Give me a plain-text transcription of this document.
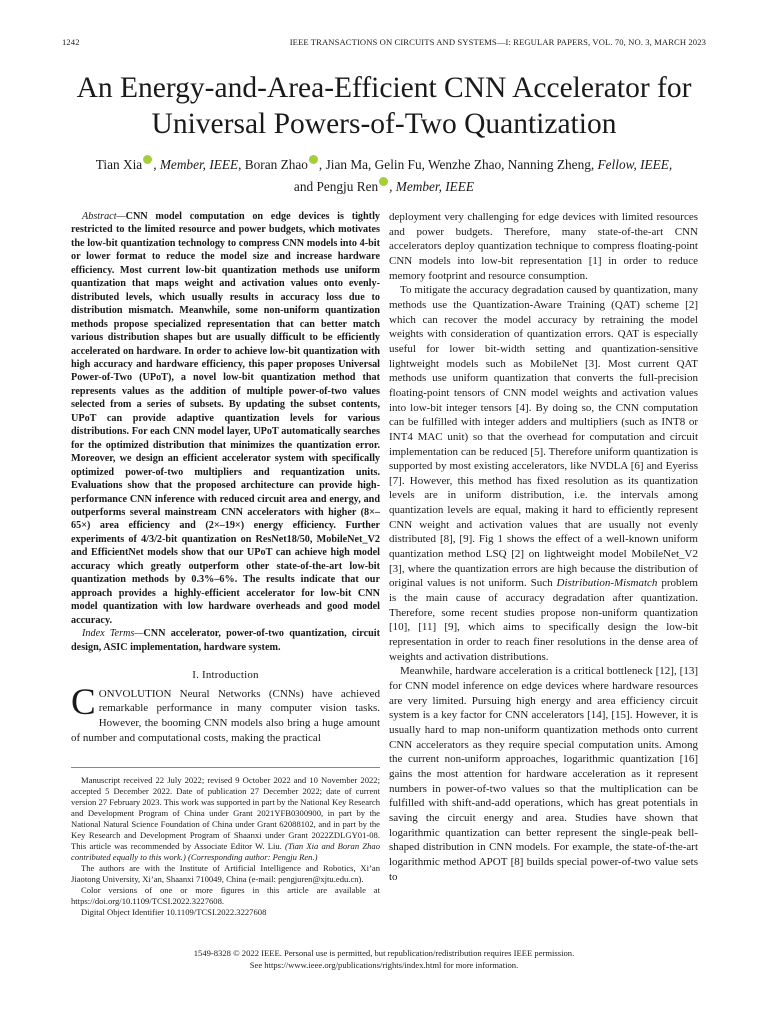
1242	IEEE TRANSACTIONS ON CIRCUITS AND SYSTEMS—I: REGULAR PAPERS, VOL. 70, NO. 3, MARCH 2023
An Energy-and-Area-Efficient CNN Accelerator for Universal Powers-of-Two Quantization
Tian Xia , Member, IEEE, Boran Zhao , Jian Ma, Gelin Fu, Wenzhe Zhao, Nanning Zheng, Fellow, IEEE,
and Pengju Ren , Member, IEEE

Abstract—CNN model computation on edge devices is tightly restricted to the limited resource and power budgets, which motivates the low-bit quantization technology to compress CNN models into 4-bit or lower format to reduce the model size and increase hardware efficiency. Most current low-bit quantization methods use uniform quantization that maps weight and activation values onto evenly-distributed levels, which usually results in accuracy loss due to distribution mismatch. Meanwhile, some non-uniform quantization methods propose specialized representation that can better match various distribution shapes but are usually difficult to be efficiently accelerated on hardware. In order to achieve low-bit quantization with high accuracy and hardware efficiency, this paper proposes Universal Power-of-Two (UPoT), a novel low-bit quantization method that represents values as the addition of multiple power-of-two values selected from a series of subsets. By updating the subset contents, UPoT can provide adaptive quantization levels for various distributions. For each CNN model layer, UPoT automatically searches for the optimized distribution that minimizes the quantization error. Moreover, we design an efficient accelerator system with specifically optimized power-of-two multipliers and requantization units. Evaluations show that the proposed architecture can provide high-performance CNN inference with reduced circuit area and energy, and outperforms several mainstream CNN accelerators with higher (8×–65×) area efficiency and (2×–19×) energy efficiency. Further experiments of 4/3/2-bit quantization on ResNet18/50, MobileNet_V2 and EfficientNet models show that our UPoT can achieve high model accuracy which greatly outperform other state-of-the-art low-bit quantization methods by 0.3%–6%. The results indicate that our approach provides a highly-efficient accelerator for low-bit CNN model quantization with low hardware overheads and good model accuracy.

Index Terms—CNN accelerator, power-of-two quantization, circuit design, ASIC implementation, hardware system.

I. Introduction

CONVOLUTION Neural Networks (CNNs) have achieved remarkable performance in many computer vision tasks. However, the booming CNN models also bring a huge amount of number and computational costs, making the practical

Manuscript received 22 July 2022; revised 9 October 2022 and 10 November 2022; accepted 5 December 2022. Date of publication 27 December 2022; date of current version 27 February 2023. This work was supported in part by the National Key Research and Development Program of China under Grant 2021YFB0300900, in part by the National Natural Science Foundation of China under Grant 62088102, and in part by the Key Research and Development Program of Shaanxi under Grant 2022ZDLGY01-08. This article was recommended by Associate Editor W. Liu. (Tian Xia and Boran Zhao contributed equally to this work.) (Corresponding author: Pengju Ren.)

The authors are with the Institute of Artificial Intelligence and Robotics, Xi’an Jiaotong University, Xi’an, Shaanxi 710049, China (e-mail: pengjuren@xjtu.edu.cn).

Color versions of one or more figures in this article are available at https://doi.org/10.1109/TCSI.2022.3227608.

Digital Object Identifier 10.1109/TCSI.2022.3227608

deployment very challenging for edge devices with limited resources and power budgets. Therefore, many state-of-the-art CNN accelerators deploy quantization technique to compress floating-point CNN models into low-bit representation [1] in order to reduce memory footprint and resource consumption.

To mitigate the accuracy degradation caused by quantization, many methods use the Quantization-Aware Training (QAT) scheme [2] which can recover the model accuracy by retraining the model weights with consideration of quantization errors. QAT is especially useful for lower bit-width setting and quantization-sensitive lightweight models such as MobileNet [3]. Most current QAT methods use uniform quantization that converts the full-precision floating-point tensors of CNN model weights and activation values into low-bit integer tensors [4]. By doing so, the CNN computation can be fulfilled with integer adders and multipliers (such as INT8 or INT4 MAC unit) so that the overhead for computation and circuit implementation can be reduced [5]. Therefore uniform quantization is supported by most existing accelerators, like NVDLA [6] and Eyeriss [7]. However, this method has fixed resolution as its quantization levels are in uniform distribution, i.e. the intervals among quantization levels are equal, making it hard to efficiently represent CNN weight and activation values that are usually not evenly distributed [8], [9]. Fig 1 shows the effect of a well-known uniform quantization method LSQ [2] on lightweight model MobileNet_V2 [3], where the quantization errors are high because the distribution of original values is not uniform. Such Distribution-Mismatch problem is the main cause of accuracy degradation after quantization. Therefore, some recent studies propose non-uniform quantization [10], [11] [9], which aims to specifically design the low-bit representation in order to reach finer resolutions in the dense area of weights and activation distributions.

Meanwhile, hardware acceleration is a critical bottleneck [12], [13] for CNN model inference on edge devices where hardware resources are very limited. Pursuing high energy and area efficiency circuit system is a key factor for CNN accelerators [14], [15]. However, it is usually hard to map non-uniform quantization methods onto current CNN accelerators as they require special computation units. Among the current non-uniform approaches, logarithmic quantization [16] gains the most attention for hardware acceleration as it represent numbers in power-of-two values so that the multiplication can be fulfilled with shift-and-add operations, which has great potentials in saving the circuit energy and area. Studies have shown that logarithmic quantization can better represent the single-peak bell-shaped distribution in CNN models. For example, the state-of-the-art logarithmic method APOT [8] builds special power-of-two value sets to

1549-8328 © 2022 IEEE. Personal use is permitted, but republication/redistribution requires IEEE permission.
See https://www.ieee.org/publications/rights/index.html for more information.
